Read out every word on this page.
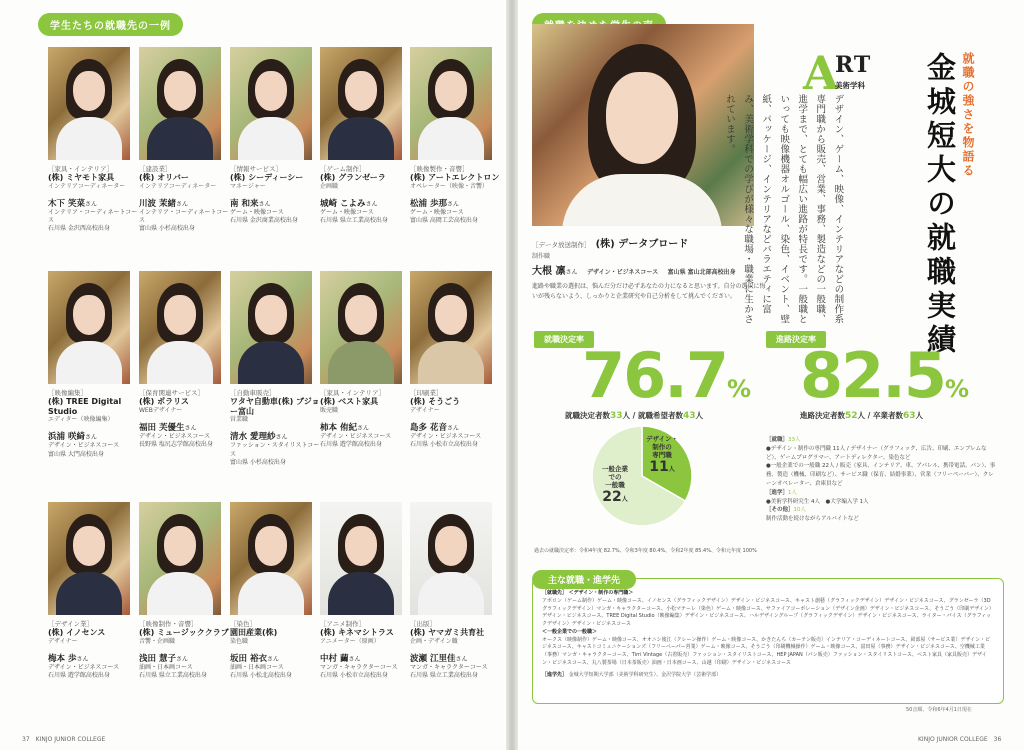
学生たちの就職先の一例
［家具・インテリア］
(株) ミヤモト家具
インテリアコーディネーター
木下 笑菜さん
インテリア・コーディネートコース
石川県 金沢西高校出身
［建設業］
(株) オリバー
インテリアコーディネーター
川波 茉緒さん
インテリア・コーディネートコース
富山県 小杉高校出身
［情報サービス］
(株) シーディーシー
マネージャー
南 和来さん
ゲーム・映像コース
石川県 金沢商業高校出身
［ゲーム制作］
(株) グランゼーラ
企画職
城崎 こよみさん
ゲーム・映像コース
石川県 県立工業高校出身
［映像製作・音響］
(株) アートエレクトロン
オペレーター（映像・音響）
松浦 歩那さん
ゲーム・映像コース
富山県 高岡工芸高校出身
［映像編集］
(株) TREE Digital Studio
エディター（映像編集）
浜浦 咲綺さん
デザイン・ビジネスコース
富山県 大門高校出身
［保育関連サービス］
(株) ポラリス
WEBデザイナー
福田 芙優生さん
デザイン・ビジネスコース
長野県 塩尻志学館高校出身
［自動車販売］
ワタヤ自動車(株) ブジョー富山
営業職
清水 愛理紗さん
ファッション・スタイリストコース
富山県 小杉高校出身
［家具・インテリア］
(株) ベスト家具
販売職
柿本 侑紀さん
デザイン・ビジネスコース
石川県 遊学館高校出身
［印刷業］
(株) そうごう
デザイナー
島多 花音さん
デザイン・ビジネスコース
石川県 小松市立高校出身
［デザイン業］
(株) イノセンス
デザイナー
梅本 歩さん
デザイン・ビジネスコース
石川県 遊学館高校出身
［映像制作・音響］
(株) ミュージッククラブ
音響・企画職
浅田 慧子さん
油画・日本画コース
石川県 県立工業高校出身
［染色］
園田産業(株)
染色職
坂田 裕衣さん
油画・日本画コース
石川県 小松北高校出身
［アニメ制作］
(株) キネマシトラス
アニメーター（原画）
中村 繭さん
マンガ・キャラクターコース
石川県 小松市立高校出身
［出版］
(株) ヤマガミ共育社
企画・デザイン職
波瀬 江里佳さん
マンガ・キャラクターコース
石川県 県立工業高校出身
37　KINJO JUNIOR COLLEGE	KINJO JUNIOR COLLEGE　36
［データ放送制作］ (株) データブロード
制作職
大根 凛さん デザイン・ビジネスコース 富山県 富山北部高校出身
進路や職業の選択は、悩んだ分だけ必ずあなたの力になると思います。自分の選択に悔いが残らないよう、しっかりと企業研究や自己分析をして挑んでください。
A
RT
美術学科	就職の強さを物語る
金城短大の就職実績
デザイン、ゲーム、映像、インテリアなどの制作系専門職から販売、営業、事務、製造などの一般職、進学まで、とても幅広い進路が特長です。一般職といっても映像機器オルゴール、染色、イベント、壁紙、パッケージ、インテリアなどバラエティに富み、美術学科での学びが様々な職場・職業に生かされています。
就職決定率
76.7%
就職決定者数33人 / 就職希望者数43人
進路決定率
82.5%
進路決定者数52人 / 卒業者数63人
デザイン・
制作の
専門職
11人
一般企業
での
一般職
22人
［就職］33人
●デザイン・制作の専門職 11人 / デザイナー（グラフィック、広告、印刷、エンブレムなど）、ゲームプログラマー、アートディレクター、染色など
●一般企業での一般職 22人 / 販売（家具、インテリア、車、アパレル、携帯電話、パン）、事務、製造（機械、印刷など）、サービス職（保育、結婚事業）、営業（フリーペーパー）、クレーンオペレーター、倉庫員など
［進学］1人
●美術学科研究生 4人　●大学編入学 1人
［その他］10人
制作活動を続けながらアルバイトなど
過去の就職決定率：令和4年度 82.7%、令和3年度 80.4%、令和2年度 85.4%、令和元年度 100%
主な就職・進学先
［就職先］ ＜デザイン・制作の専門職＞
アポロン（ゲーム制作）ゲーム・映像コース、イノセンス（グラフィックデザイン）デザイン・ビジネスコース、キャスト創藝（グラフィックデザイン）デザイン・ビジネスコース、グランゼーラ（3Dグラフィックデザイン）マンガ・キャラクターコース、小松マテーレ（染色）ゲーム・映像コース、サファイアコーポレーション（デザイン企画）デザイン・ビジネスコース、そうごう（印刷デザイン）デザイン・ビジネスコース、TREE Digital Studio（映像編集）デザイン・ビジネスコース、ハルデザイングループ（グラフィックデザイン）デザイン・ビジネスコース、ライター・パイス（グラフィックデザイン）デザイン・ビジネスコース
＜一般企業での一般職＞
オークス（映像制作）ゲーム・映像コース、オオニシ後江（クレーン操作）ゲーム・映像コース、かきたんち（カーテン販売）インテリア・コーディネートコース、岡部屋（サービス業）デザイン・ビジネスコース、キャストコミュニケーションズ（フリーペーパー営業）ゲーム・映像コース、そうごう（印刷機械操作）ゲーム・映像コース、富田屋（事務）デザイン・ビジネスコース、空機械工業（事務）マンガ・キャラクターコース、Tirri Vintage（古着販売）ファッション・スタイリストコース、HEP JAPAN（パン販売）ファッション・スタイリストコース、ベスト家具（家具販売）デザイン・ビジネスコース、丸八製茶場（日本茶販売）油画・日本画コース、山越（印刷）デザイン・ビジネスコース
［進学先］ 金城大学短期大学部（美術学科研究生）、金沢学院大学（芸術学部）
50音順、令和6年4月1日現在
